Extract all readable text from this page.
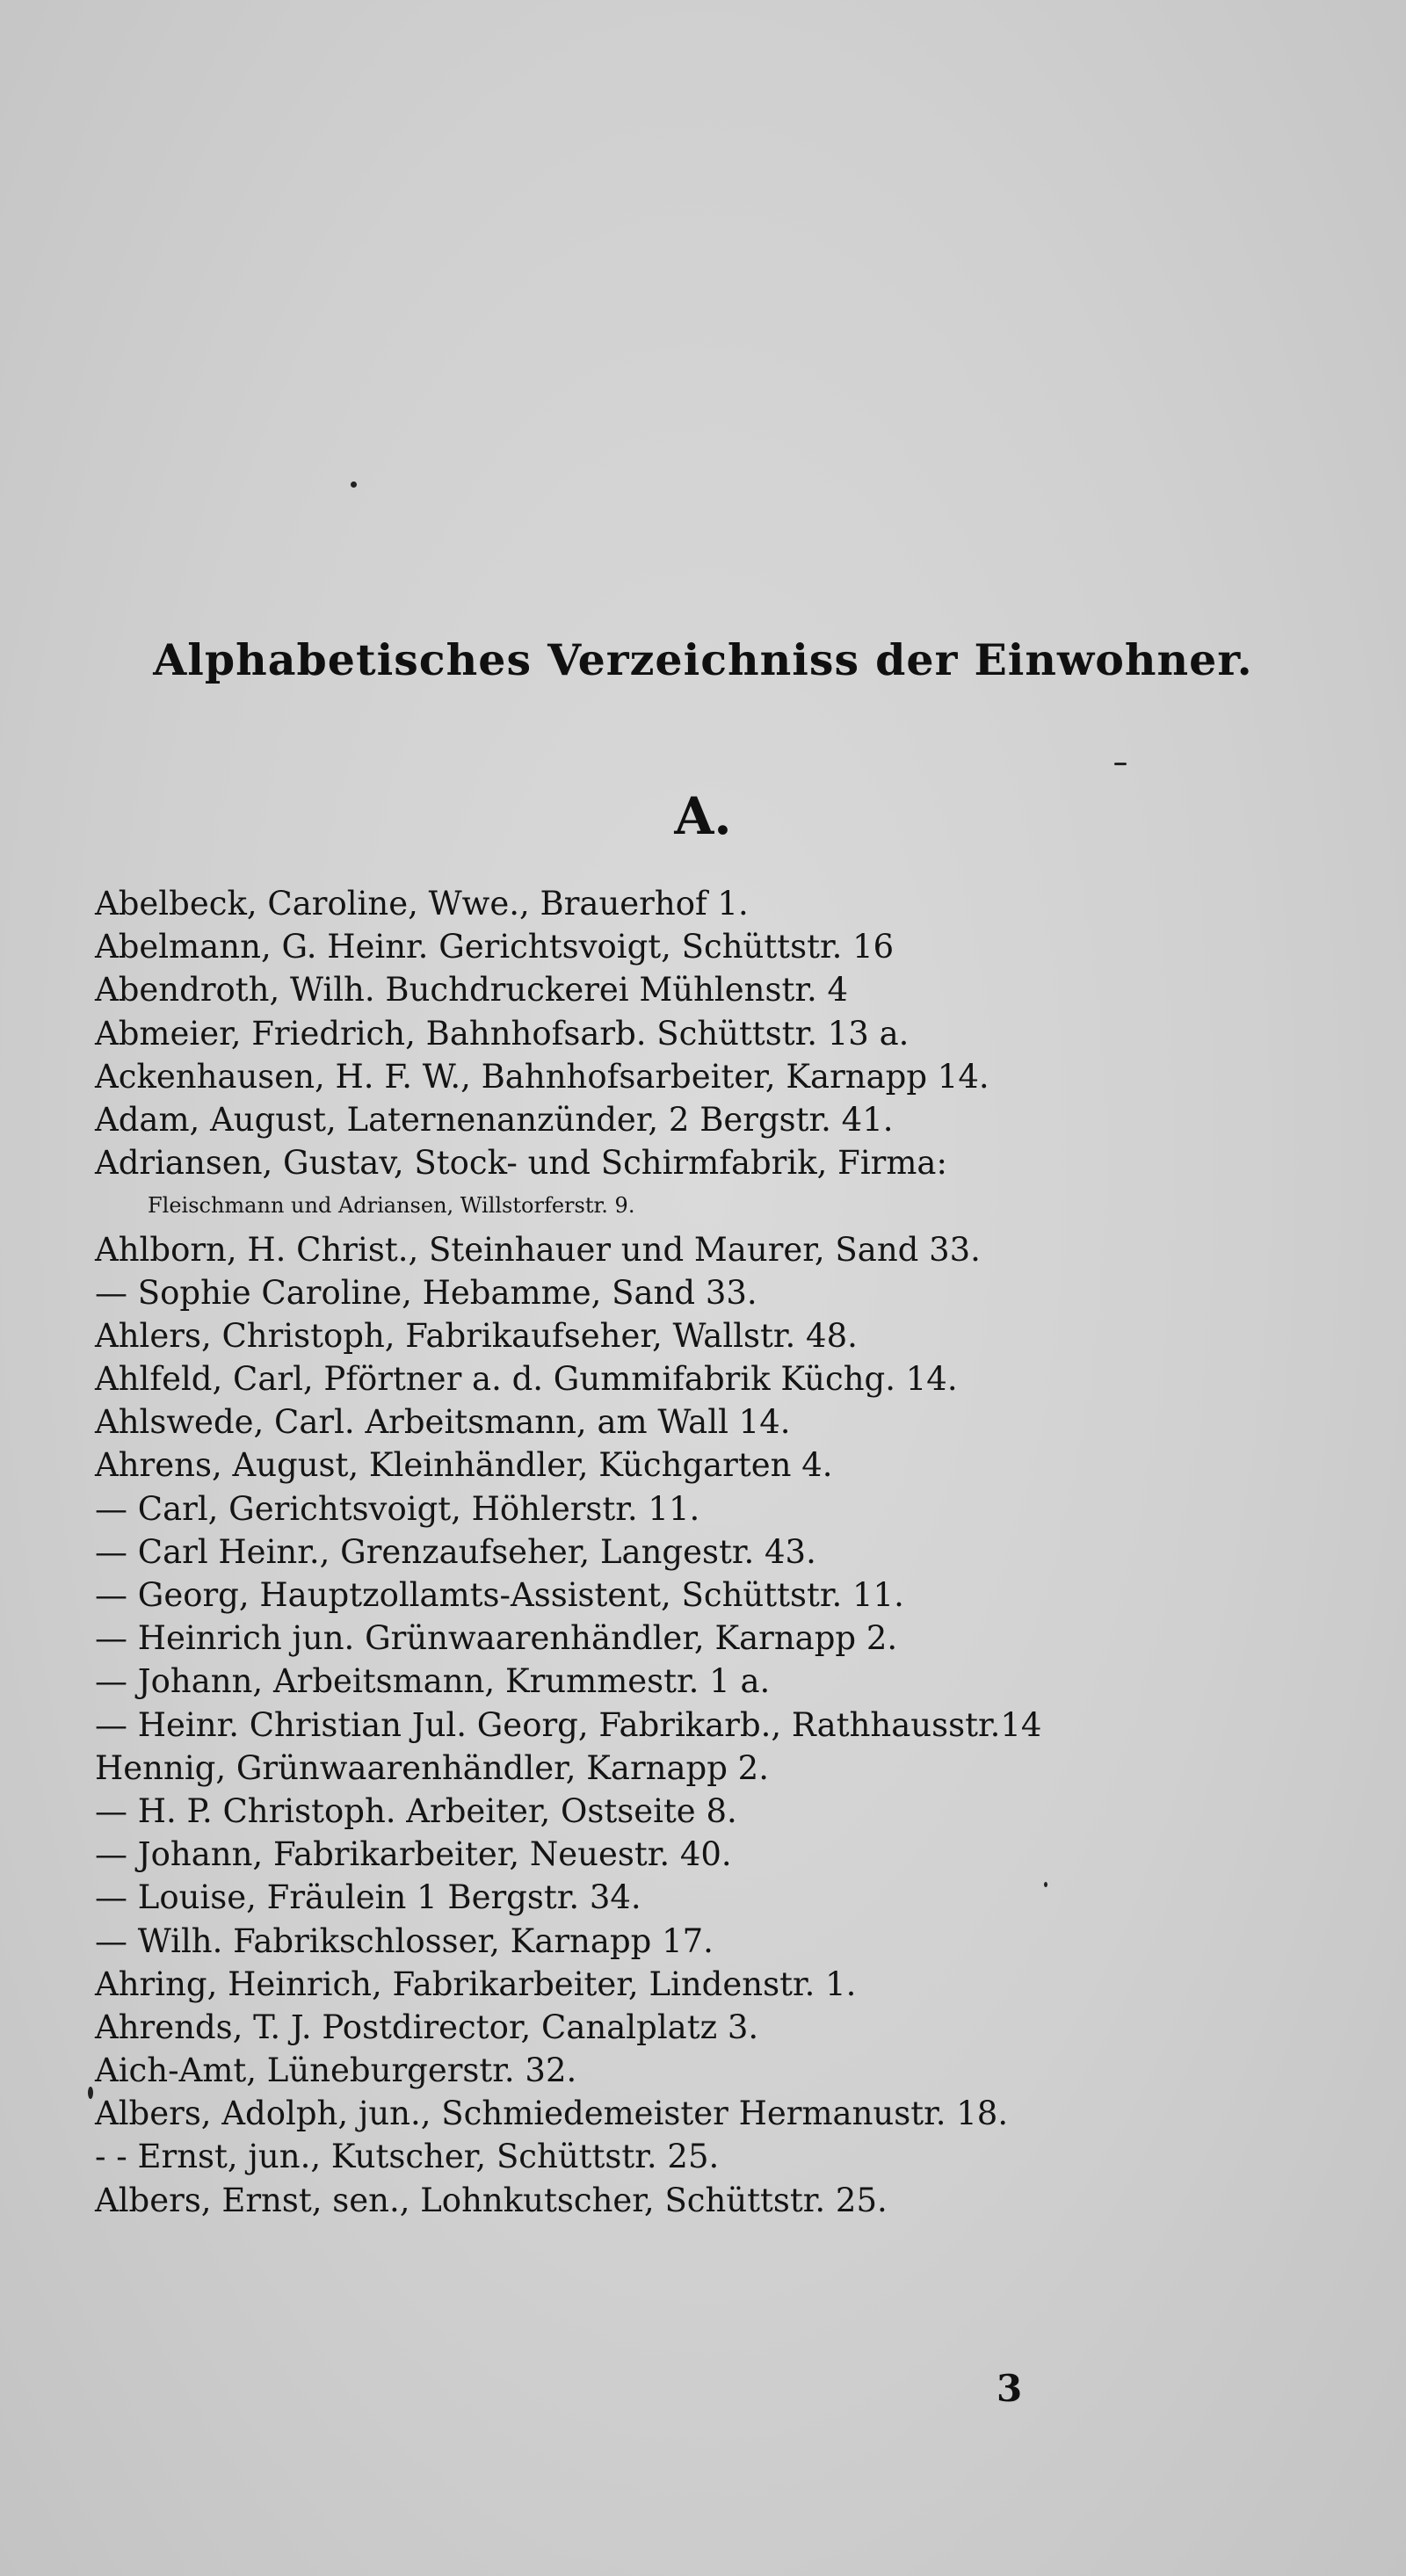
Alphabetisches Verzeichniss der Einwohner.
A.
Abelbeck, Caroline, Wwe., Brauerhof 1.
Abelmann, G. Heinr. Gerichtsvoigt, Schüttstr. 16
Abendroth, Wilh. Buchdruckerei Mühlenstr. 4
Abmeier, Friedrich, Bahnhofsarb. Schüttstr. 13 a.
Ackenhausen, H. F. W., Bahnhofsarbeiter, Karnapp 14.
Adam, August, Laternenanzünder, 2 Bergstr. 41.
Adriansen, Gustav, Stock- und Schirmfabrik, Firma:
Fleischmann und Adriansen, Willstorferstr. 9.
Ahlborn, H. Christ., Steinhauer und Maurer, Sand 33.
— Sophie Caroline, Hebamme, Sand 33.
Ahlers, Christoph, Fabrikaufseher, Wallstr. 48.
Ahlfeld, Carl, Pförtner a. d. Gummifabrik Küchg. 14.
Ahlswede, Carl. Arbeitsmann, am Wall 14.
Ahrens, August, Kleinhändler, Küchgarten 4.
— Carl, Gerichtsvoigt, Höhlerstr. 11.
— Carl Heinr., Grenzaufseher, Langestr. 43.
— Georg, Hauptzollamts-Assistent, Schüttstr. 11.
— Heinrich jun. Grünwaarenhändler, Karnapp 2.
— Johann, Arbeitsmann, Krummestr. 1 a.
— Heinr. Christian Jul. Georg, Fabrikarb., Rathhausstr.14
Hennig, Grünwaarenhändler, Karnapp 2.
— H. P. Christoph. Arbeiter, Ostseite 8.
— Johann, Fabrikarbeiter, Neuestr. 40.
— Louise, Fräulein 1 Bergstr. 34.
— Wilh. Fabrikschlosser, Karnapp 17.
Ahring, Heinrich, Fabrikarbeiter, Lindenstr. 1.
Ahrends, T. J. Postdirector, Canalplatz 3.
Aich-Amt, Lüneburgerstr. 32.
Albers, Adolph, jun., Schmiedemeister Hermanustr. 18.
- - Ernst, jun., Kutscher, Schüttstr. 25.
Albers, Ernst, sen., Lohnkutscher, Schüttstr. 25.
3
